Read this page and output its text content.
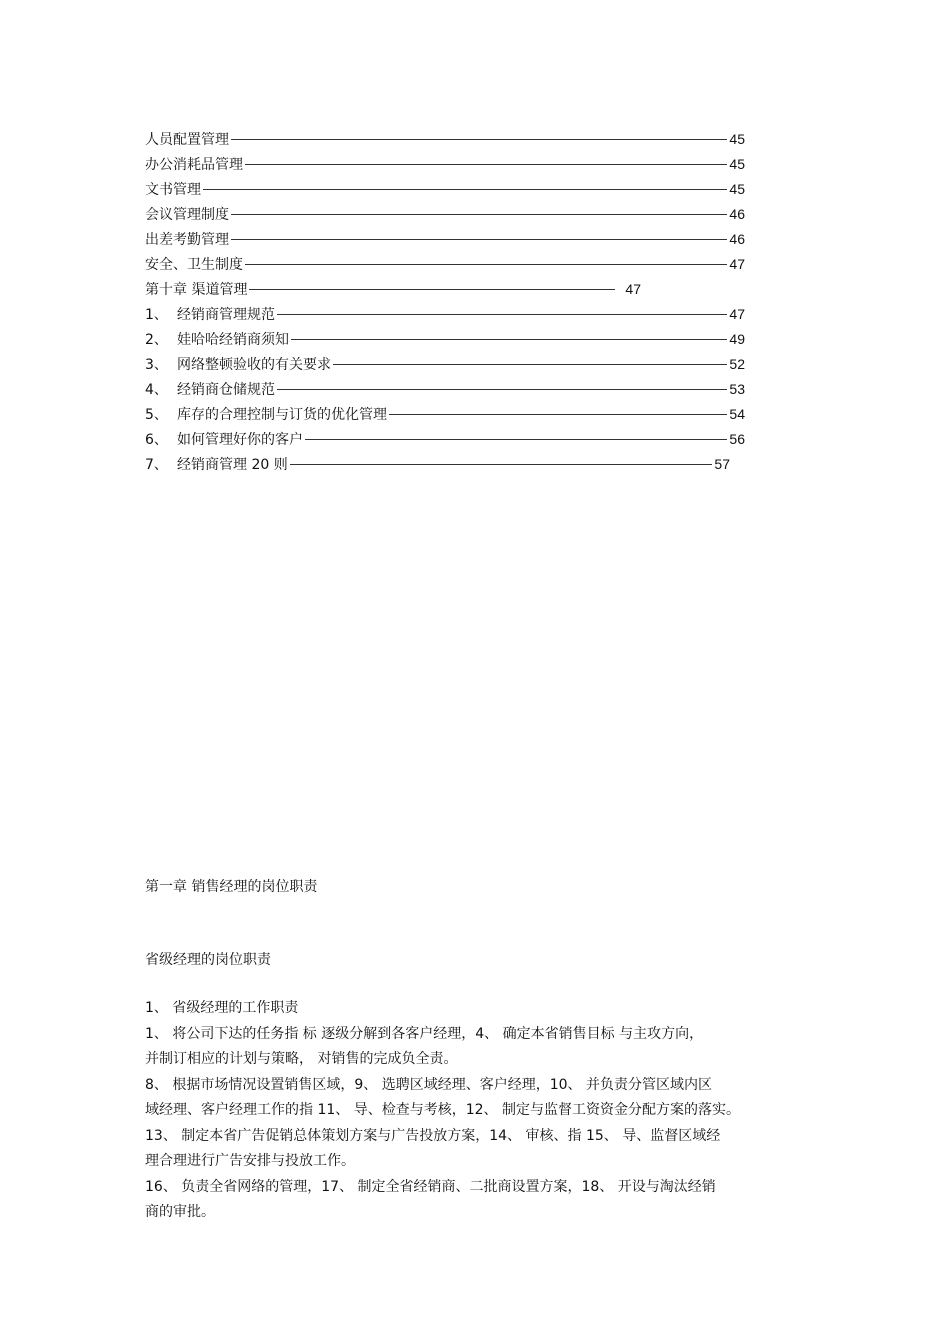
人员配置管理	45
办公消耗品管理	45
文书管理	45
会议管理制度	46
出差考勤管理	46
安全、卫生制度	47
第十章 渠道管理	47
1、 经销商管理规范	47
2、 娃哈哈经销商须知	49
3、 网络整顿验收的有关要求	52
4、 经销商仓储规范	53
5、 库存的合理控制与订货的优化管理	54
6、 如何管理好你的客户	56
7、 经销商管理 20 则	57
第一章 销售经理的岗位职责
省级经理的岗位职责

1、 省级经理的工作职责

1、 将公司下达的任务指 标 逐级分解到各客户经理，4、 确定本省销售目标 与主攻方向，

并制订相应的计划与策略， 对销售的完成负全责。

8、 根据市场情况设置销售区域，9、 选聘区域经理、客户经理，10、 并负责分管区域内区

域经理、客户经理工作的指 11、 导、检查与考核，12、 制定与监督工资资金分配方案的落实。

13、 制定本省广告促销总体策划方案与广告投放方案，14、 审核、指 15、 导、监督区域经

理合理进行广告安排与投放工作。

16、 负责全省网络的管理，17、 制定全省经销商、二批商设置方案，18、 开设与淘汰经销

商的审批。
